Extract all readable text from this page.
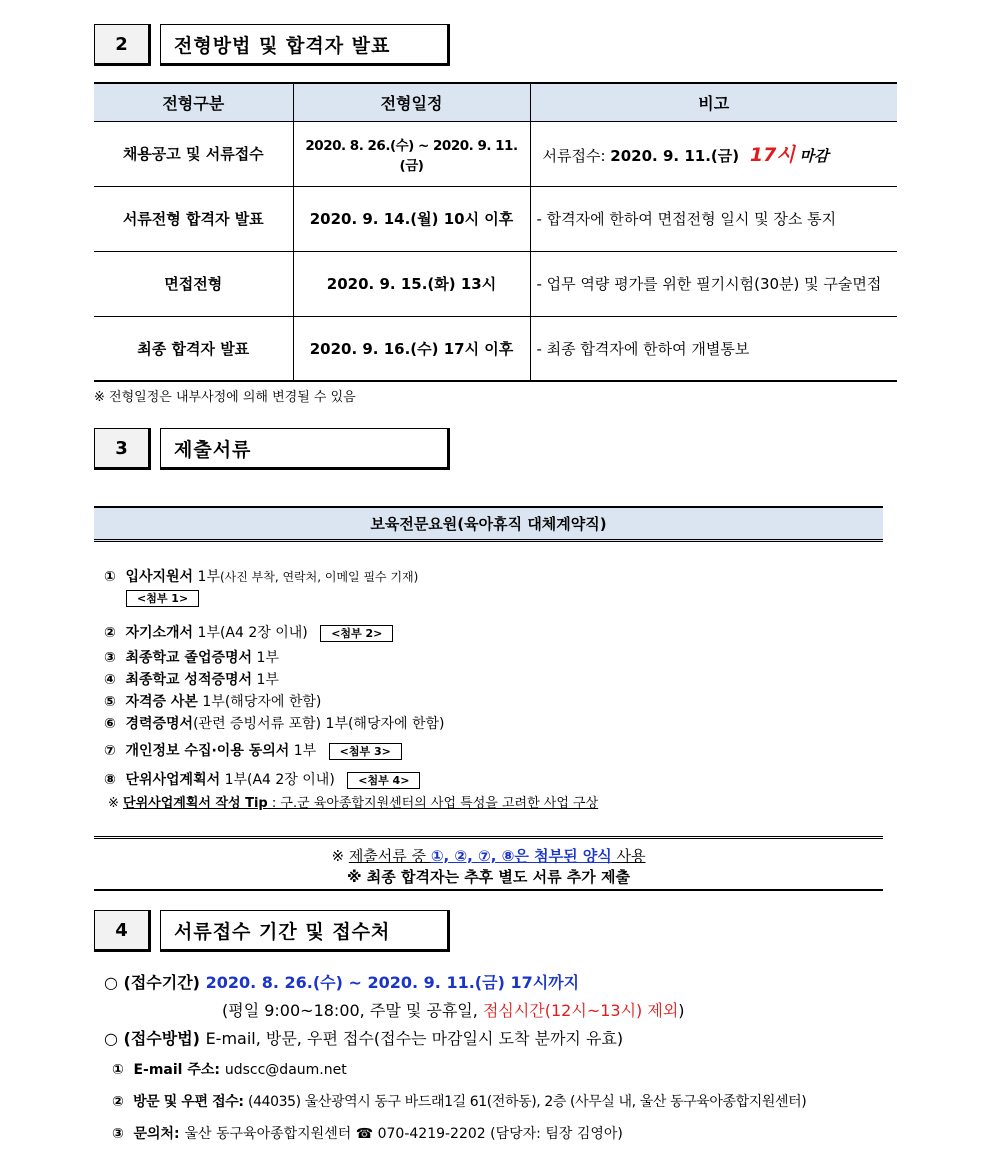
2	전형방법 및 합격자 발표
전형구분	전형일정	비고
채용공고 및 서류접수	2020. 8. 26.(수) ~ 2020. 9. 11.(금)	서류접수: 2020. 9. 11.(금) 17시 마감
서류전형 합격자 발표	2020. 9. 14.(월) 10시 이후	- 합격자에 한하여 면접전형 일시 및 장소 통지
면접전형	2020. 9. 15.(화) 13시	- 업무 역량 평가를 위한 필기시험(30분) 및 구술면접
최종 합격자 발표	2020. 9. 16.(수) 17시 이후	- 최종 합격자에 한하여 개별통보
※ 전형일정은 내부사정에 의해 변경될 수 있음
3	제출서류
보육전문요원(육아휴직 대체계약직)
① 입사지원서 1부(사진 부착, 연락처, 이메일 필수 기재)
<첨부 1>
② 자기소개서 1부(A4 2장 이내) <첨부 2>
③ 최종학교 졸업증명서 1부
④ 최종학교 성적증명서 1부
⑤ 자격증 사본 1부(해당자에 한함)
⑥ 경력증명서(관련 증빙서류 포함) 1부(해당자에 한함)
⑦ 개인정보 수집·이용 동의서 1부 <첨부 3>
⑧ 단위사업계획서 1부(A4 2장 이내) <첨부 4>
※ 단위사업계획서 작성 Tip : 구.군 육아종합지원센터의 사업 특성을 고려한 사업 구상
※ 제출서류 중 ①, ②, ⑦, ⑧은 첨부된 양식 사용
※ 최종 합격자는 추후 별도 서류 추가 제출
4	서류접수 기간 및 접수처
○ (접수기간) 2020. 8. 26.(수) ~ 2020. 9. 11.(금) 17시까지
(평일 9:00~18:00, 주말 및 공휴일, 점심시간(12시~13시) 제외)
○ (접수방법) E-mail, 방문, 우편 접수(접수는 마감일시 도착 분까지 유효)
① E-mail 주소: udscc@daum.net
② 방문 및 우편 접수: (44035) 울산광역시 동구 바드래1길 61(전하동), 2층 (사무실 내, 울산 동구육아종합지원센터)
③ 문의처: 울산 동구육아종합지원센터 ☎ 070-4219-2202 (담당자: 팀장 김영아)
